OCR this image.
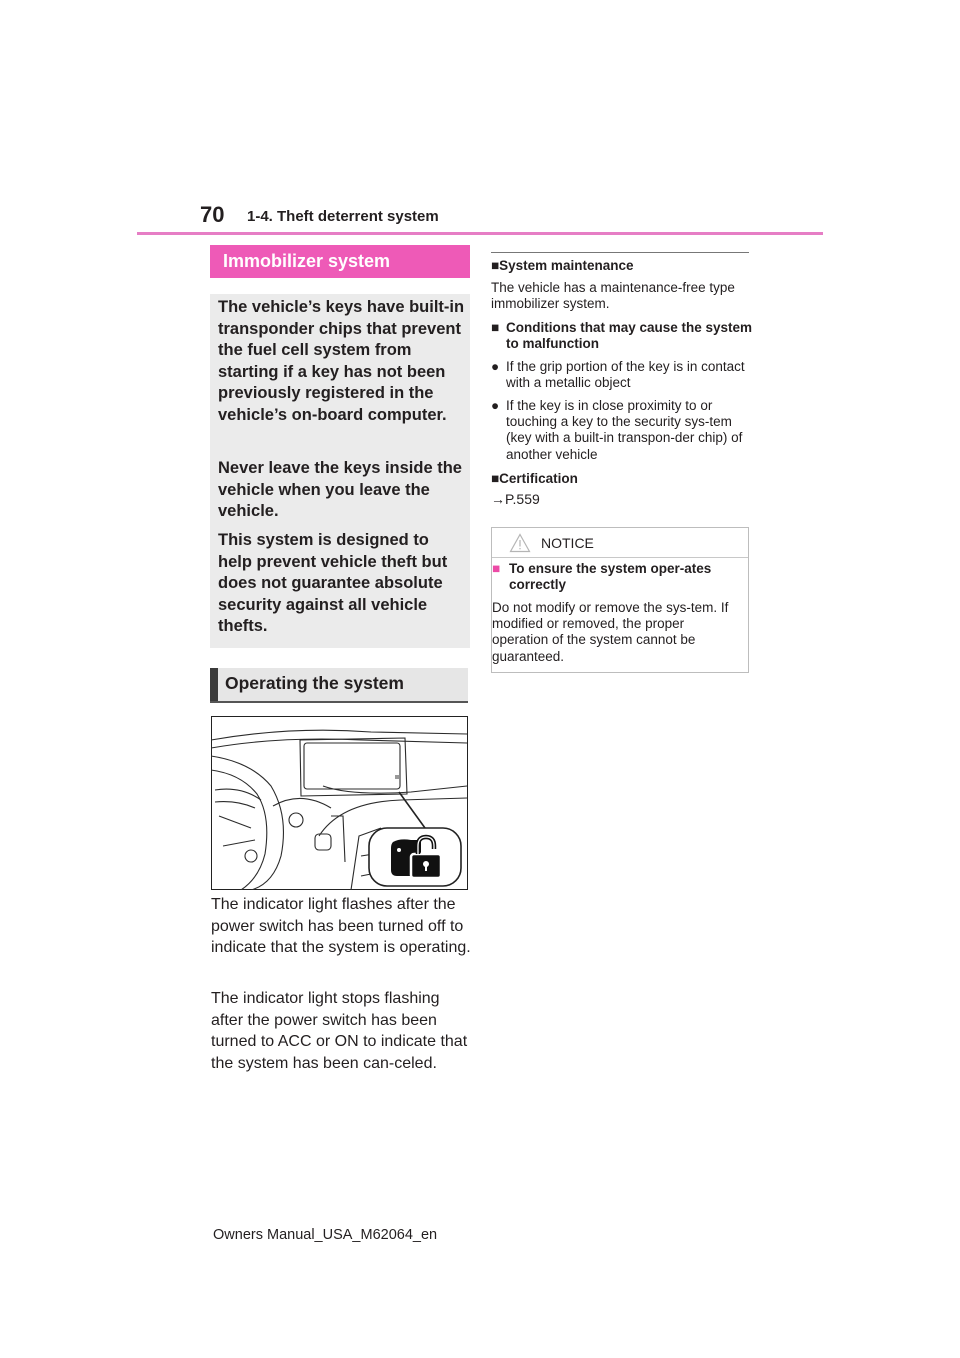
70 1-4. Theft deterrent system
Immobilizer system
The vehicle’s keys have built-in transponder chips that prevent the fuel cell system from starting if a key has not been previously registered in the vehicle’s on-board computer.
Never leave the keys inside the vehicle when you leave the vehicle.
This system is designed to help prevent vehicle theft but does not guarantee absolute security against all vehicle thefts.
Operating the system
The indicator light flashes after the power switch has been turned off to indicate that the system is operating.
The indicator light stops flashing after the power switch has been turned to ACC or ON to indicate that the system has been can-celed.
■System maintenance
The vehicle has a maintenance-free type immobilizer system.
■ Conditions that may cause the system to malfunction
● If the grip portion of the key is in contact with a metallic object
● If the key is in close proximity to or touching a key to the security sys-tem (key with a built-in transpon-der chip) of another vehicle
■Certification
→P.559
NOTICE
■ To ensure the system oper-ates correctly
Do not modify or remove the sys-tem. If modified or removed, the proper operation of the system cannot be guaranteed.
Owners Manual_USA_M62064_en
